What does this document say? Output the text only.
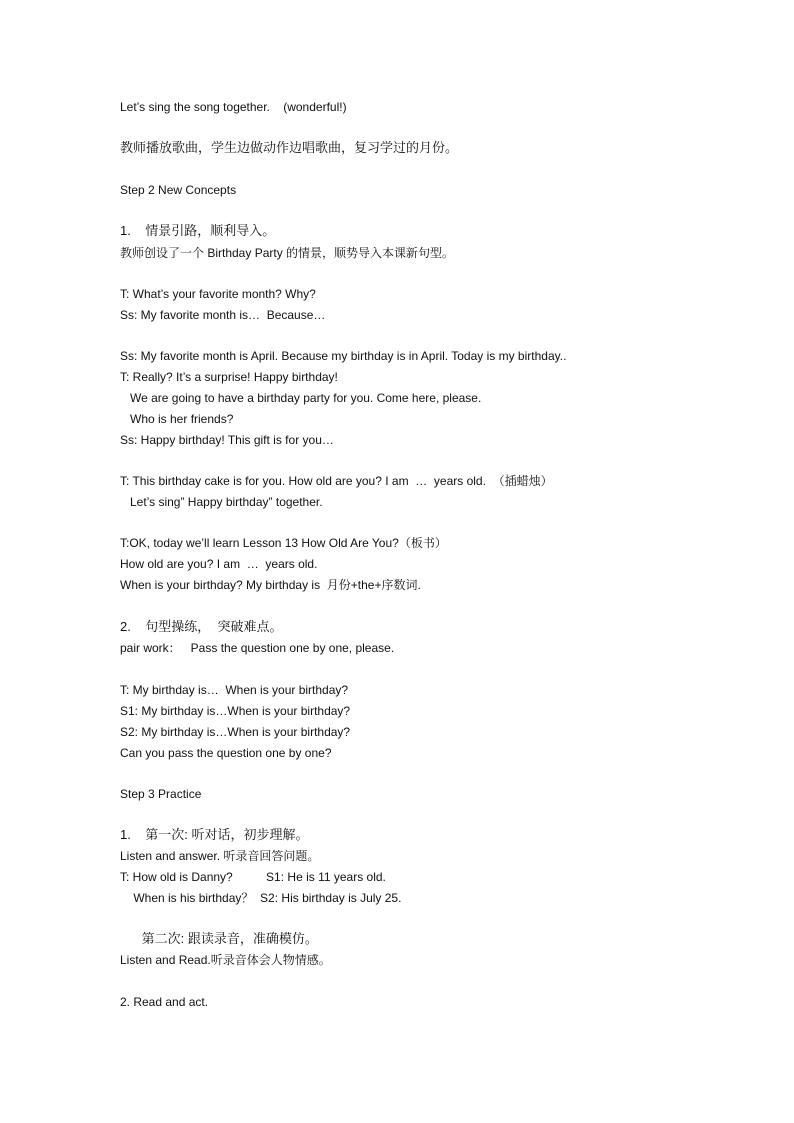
Let’s sing the song together.    (wonderful!)
教师播放歌曲，学生边做动作边唱歌曲，复习学过的月份。
Step 2 New Concepts
1.    情景引路，顺利导入。
教师创设了一个 Birthday Party 的情景，顺势导入本课新句型。
T: What’s your favorite month? Why?
Ss: My favorite month is…  Because…
Ss: My favorite month is April. Because my birthday is in April. Today is my birthday..
T: Really? It’s a surprise! Happy birthday!
We are going to have a birthday party for you. Come here, please.
Who is her friends?
Ss: Happy birthday! This gift is for you…
T: This birthday cake is for you. How old are you? I am  …  years old.  （插蜡烛）
Let’s sing” Happy birthday” together.
T:OK, today we’ll learn Lesson 13 How Old Are You?（板书）
How old are you? I am  …  years old.
When is your birthday? My birthday is  月份+the+序数词.
2.    句型操练，  突破难点。
pair work：   Pass the question one by one, please.
T: My birthday is…  When is your birthday?
S1: My birthday is…When is your birthday?
S2: My birthday is…When is your birthday?
Can you pass the question one by one?
Step 3 Practice
1.    第一次: 听对话，初步理解。
Listen and answer. 听录音回答问题。
T: How old is Danny?          S1: He is 11 years old.
When is his birthday？  S2: His birthday is July 25.
第二次: 跟读录音，准确模仿。
Listen and Read.听录音体会人物情感。
2. Read and act.
